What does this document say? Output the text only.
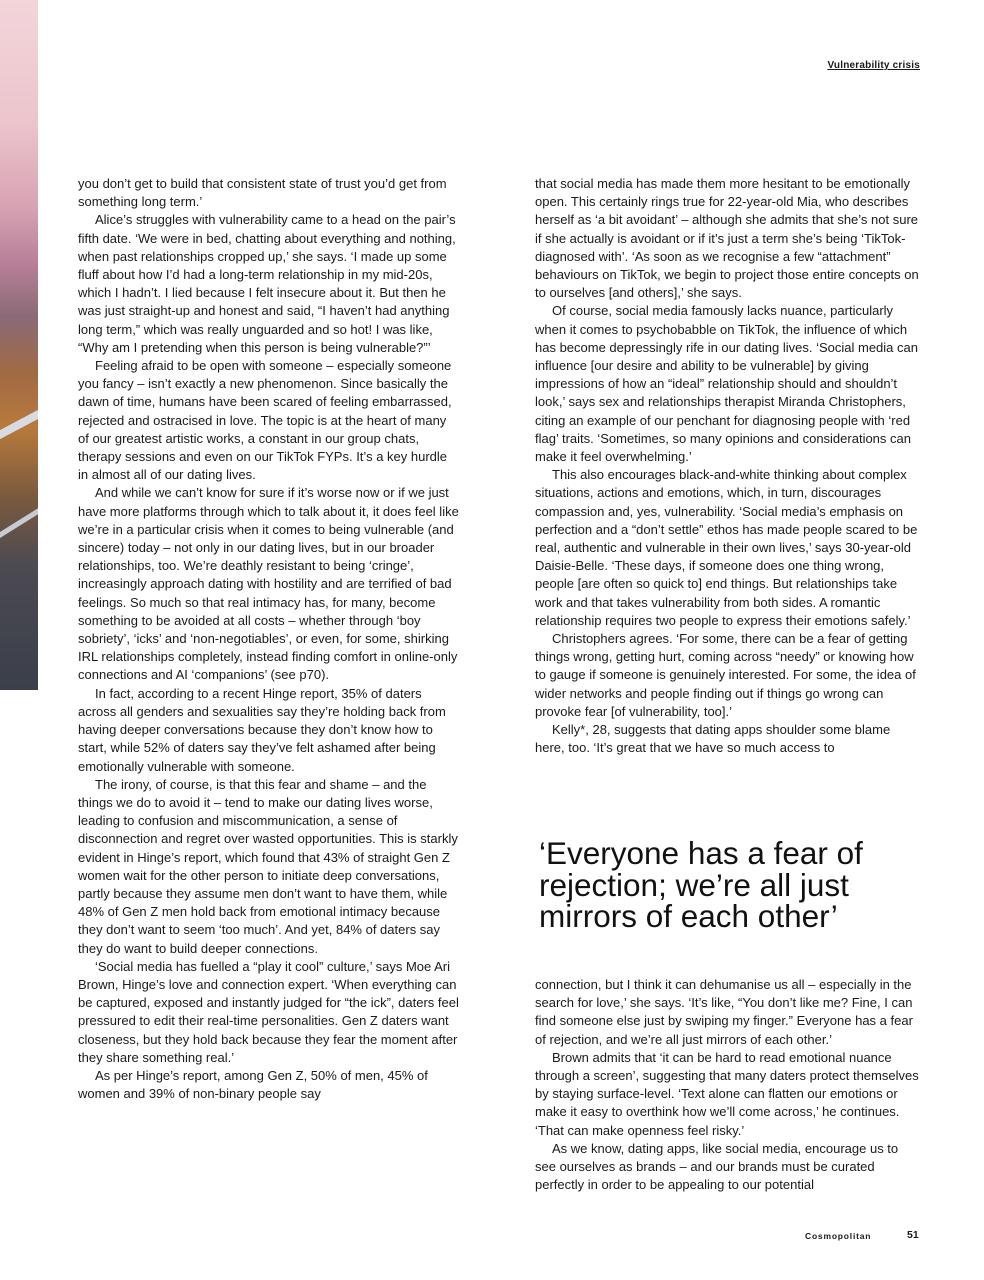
Vulnerability crisis

you don’t get to build that consistent state of trust you’d get from something long term.’

Alice’s struggles with vulnerability came to a head on the pair’s fifth date. ‘We were in bed, chatting about everything and nothing, when past relationships cropped up,’ she says. ‘I made up some fluff about how I’d had a long-term relationship in my mid-20s, which I hadn’t. I lied because I felt insecure about it. But then he was just straight-up and honest and said, “I haven’t had anything long term,” which was really unguarded and so hot! I was like, “Why am I pretending when this person is being vulnerable?”’

Feeling afraid to be open with someone – especially someone you fancy – isn’t exactly a new phenomenon. Since basically the dawn of time, humans have been scared of feeling embarrassed, rejected and ostracised in love. The topic is at the heart of many of our greatest artistic works, a constant in our group chats, therapy sessions and even on our TikTok FYPs. It’s a key hurdle in almost all of our dating lives.

And while we can’t know for sure if it’s worse now or if we just have more platforms through which to talk about it, it does feel like we’re in a particular crisis when it comes to being vulnerable (and sincere) today – not only in our dating lives, but in our broader relationships, too. We’re deathly resistant to being ‘cringe’, increasingly approach dating with hostility and are terrified of bad feelings. So much so that real intimacy has, for many, become something to be avoided at all costs – whether through ‘boy sobriety’, ‘icks’ and ‘non-negotiables’, or even, for some, shirking IRL relationships completely, instead finding comfort in online-only connections and AI ‘companions’ (see p70).

In fact, according to a recent Hinge report, 35% of daters across all genders and sexualities say they’re holding back from having deeper conversations because they don’t know how to start, while 52% of daters say they’ve felt ashamed after being emotionally vulnerable with someone.

The irony, of course, is that this fear and shame – and the things we do to avoid it – tend to make our dating lives worse, leading to confusion and miscommunication, a sense of disconnection and regret over wasted opportunities. This is starkly evident in Hinge’s report, which found that 43% of straight Gen Z women wait for the other person to initiate deep conversations, partly because they assume men don’t want to have them, while 48% of Gen Z men hold back from emotional intimacy because they don’t want to seem ‘too much’. And yet, 84% of daters say they do want to build deeper connections.

‘Social media has fuelled a “play it cool” culture,’ says Moe Ari Brown, Hinge’s love and connection expert. ‘When everything can be captured, exposed and instantly judged for “the ick”, daters feel pressured to edit their real-time personalities. Gen Z daters want closeness, but they hold back because they fear the moment after they share something real.’

As per Hinge’s report, among Gen Z, 50% of men, 45% of women and 39% of non-binary people say

that social media has made them more hesitant to be emotionally open. This certainly rings true for 22-year-old Mia, who describes herself as ‘a bit avoidant’ – although she admits that she’s not sure if she actually is avoidant or if it’s just a term she’s being ‘TikTok-diagnosed with’. ‘As soon as we recognise a few “attachment” behaviours on TikTok, we begin to project those entire concepts on to ourselves [and others],’ she says.

Of course, social media famously lacks nuance, particularly when it comes to psychobabble on TikTok, the influence of which has become depressingly rife in our dating lives. ‘Social media can influence [our desire and ability to be vulnerable] by giving impressions of how an “ideal” relationship should and shouldn’t look,’ says sex and relationships therapist Miranda Christophers, citing an example of our penchant for diagnosing people with ‘red flag’ traits. ‘Sometimes, so many opinions and considerations can make it feel overwhelming.’

This also encourages black-and-white thinking about complex situations, actions and emotions, which, in turn, discourages compassion and, yes, vulnerability. ‘Social media’s emphasis on perfection and a “don’t settle” ethos has made people scared to be real, authentic and vulnerable in their own lives,’ says 30-year-old Daisie-Belle. ‘These days, if someone does one thing wrong, people [are often so quick to] end things. But relationships take work and that takes vulnerability from both sides. A romantic relationship requires two people to express their emotions safely.’

Christophers agrees. ‘For some, there can be a fear of getting things wrong, getting hurt, coming across “needy” or knowing how to gauge if someone is genuinely interested. For some, the idea of wider networks and people finding out if things go wrong can provoke fear [of vulnerability, too].’

Kelly*, 28, suggests that dating apps shoulder some blame here, too. ‘It’s great that we have so much access to

‘Everyone has a fear of rejection; we’re all just mirrors of each other’

connection, but I think it can dehumanise us all – especially in the search for love,’ she says. ‘It’s like, “You don’t like me? Fine, I can find someone else just by swiping my finger.” Everyone has a fear of rejection, and we’re all just mirrors of each other.’

Brown admits that ‘it can be hard to read emotional nuance through a screen’, suggesting that many daters protect themselves by staying surface-level. ‘Text alone can flatten our emotions or make it easy to overthink how we’ll come across,’ he continues. ‘That can make openness feel risky.’

As we know, dating apps, like social media, encourage us to see ourselves as brands – and our brands must be curated perfectly in order to be appealing to our potential

Cosmopolitan	51
